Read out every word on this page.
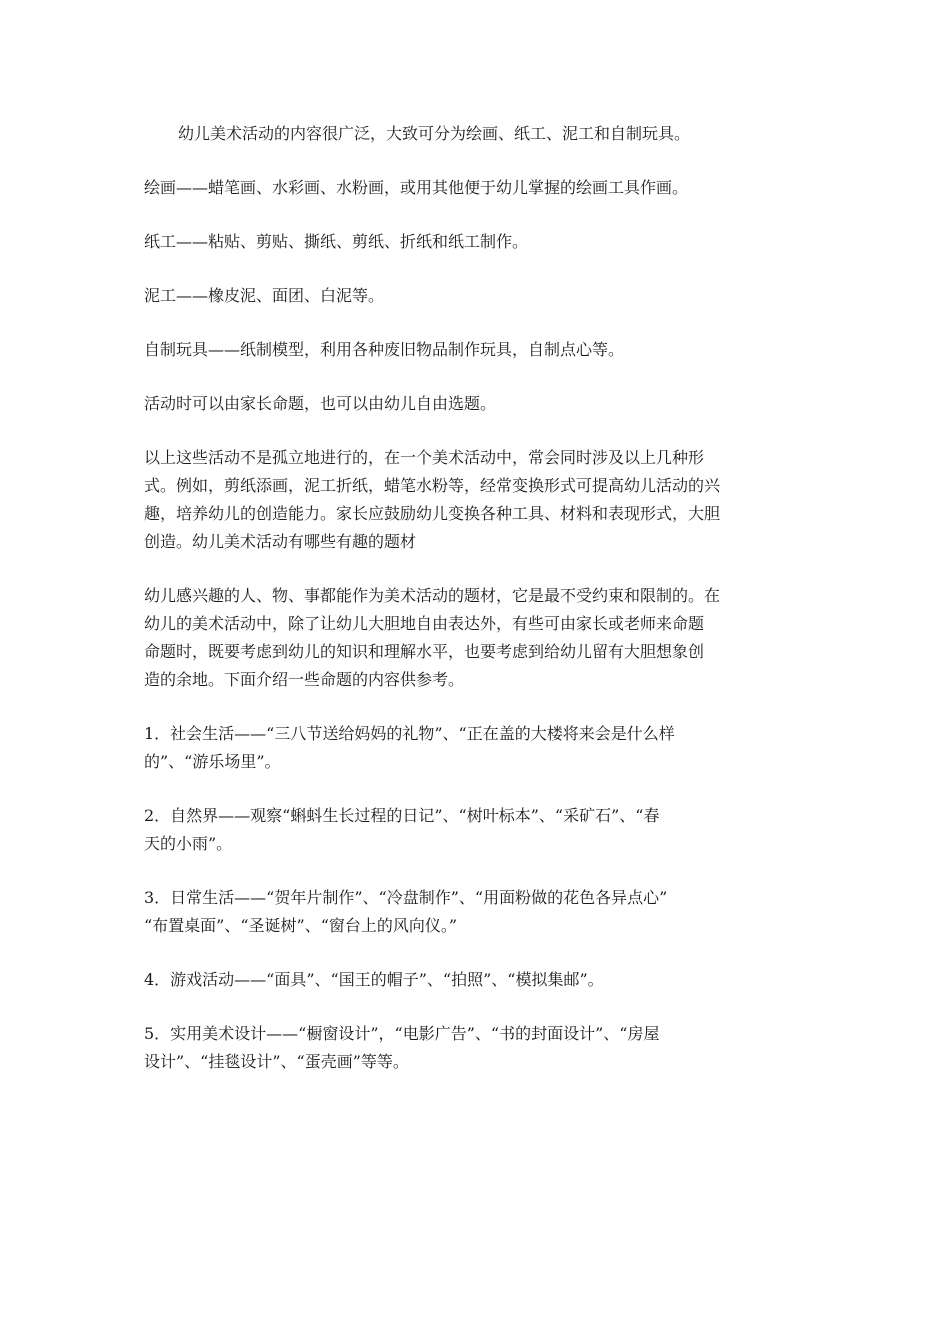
幼儿美术活动的内容很广泛，大致可分为绘画、纸工、泥工和自制玩具。

绘画——蜡笔画、水彩画、水粉画，或用其他便于幼儿掌握的绘画工具作画。

纸工——粘贴、剪贴、撕纸、剪纸、折纸和纸工制作。

泥工——橡皮泥、面团、白泥等。

自制玩具——纸制模型，利用各种废旧物品制作玩具，自制点心等。

活动时可以由家长命题，也可以由幼儿自由选题。

以上这些活动不是孤立地进行的，在一个美术活动中，常会同时涉及以上几种形
式。例如，剪纸添画，泥工折纸，蜡笔水粉等，经常变换形式可提高幼儿活动的兴
趣，培养幼儿的创造能力。家长应鼓励幼儿变换各种工具、材料和表现形式，大胆
创造。幼儿美术活动有哪些有趣的题材

幼儿感兴趣的人、物、事都能作为美术活动的题材，它是最不受约束和限制的。在
幼儿的美术活动中，除了让幼儿大胆地自由表达外，有些可由家长或老师来命题
命题时，既要考虑到幼儿的知识和理解水平，也要考虑到给幼儿留有大胆想象创
造的余地。下面介绍一些命题的内容供参考。

1．社会生活——“三八节送给妈妈的礼物”、“正在盖的大楼将来会是什么样
的”、“游乐场里”。

2．自然界——观察“蝌蚪生长过程的日记”、“树叶标本”、“采矿石”、“春
天的小雨”。

3．日常生活——“贺年片制作”、“冷盘制作”、“用面粉做的花色各异点心”
“布置桌面”、“圣诞树”、“窗台上的风向仪。”

4．游戏活动——“面具”、“国王的帽子”、“拍照”、“模拟集邮”。

5．实用美术设计——“橱窗设计”，“电影广告”、“书的封面设计”、“房屋
设计”、“挂毯设计”、“蛋壳画”等等。
